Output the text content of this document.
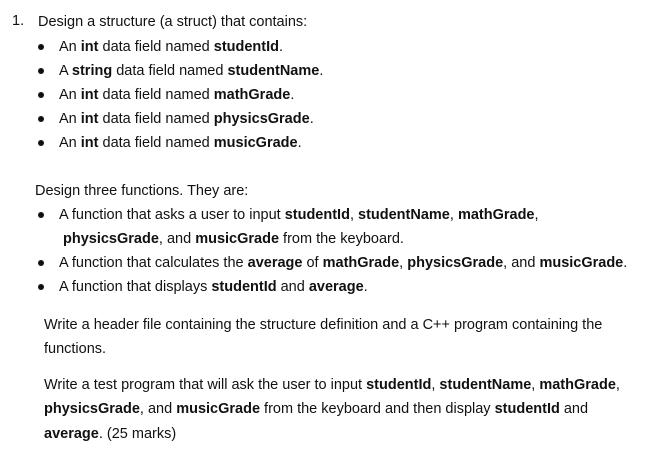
1. Design a structure (a struct) that contains:
An int data field named studentId.
A string data field named studentName.
An int data field named mathGrade.
An int data field named physicsGrade.
An int data field named musicGrade.
Design three functions. They are:
A function that asks a user to input studentId, studentName, mathGrade,
physicsGrade, and musicGrade from the keyboard.
A function that calculates the average of mathGrade, physicsGrade, and musicGrade.
A function that displays studentId and average.
Write a header file containing the structure definition and a C++ program containing the
functions.
Write a test program that will ask the user to input studentId, studentName, mathGrade,
physicsGrade, and musicGrade from the keyboard and then display studentId and
average. (25 marks)
